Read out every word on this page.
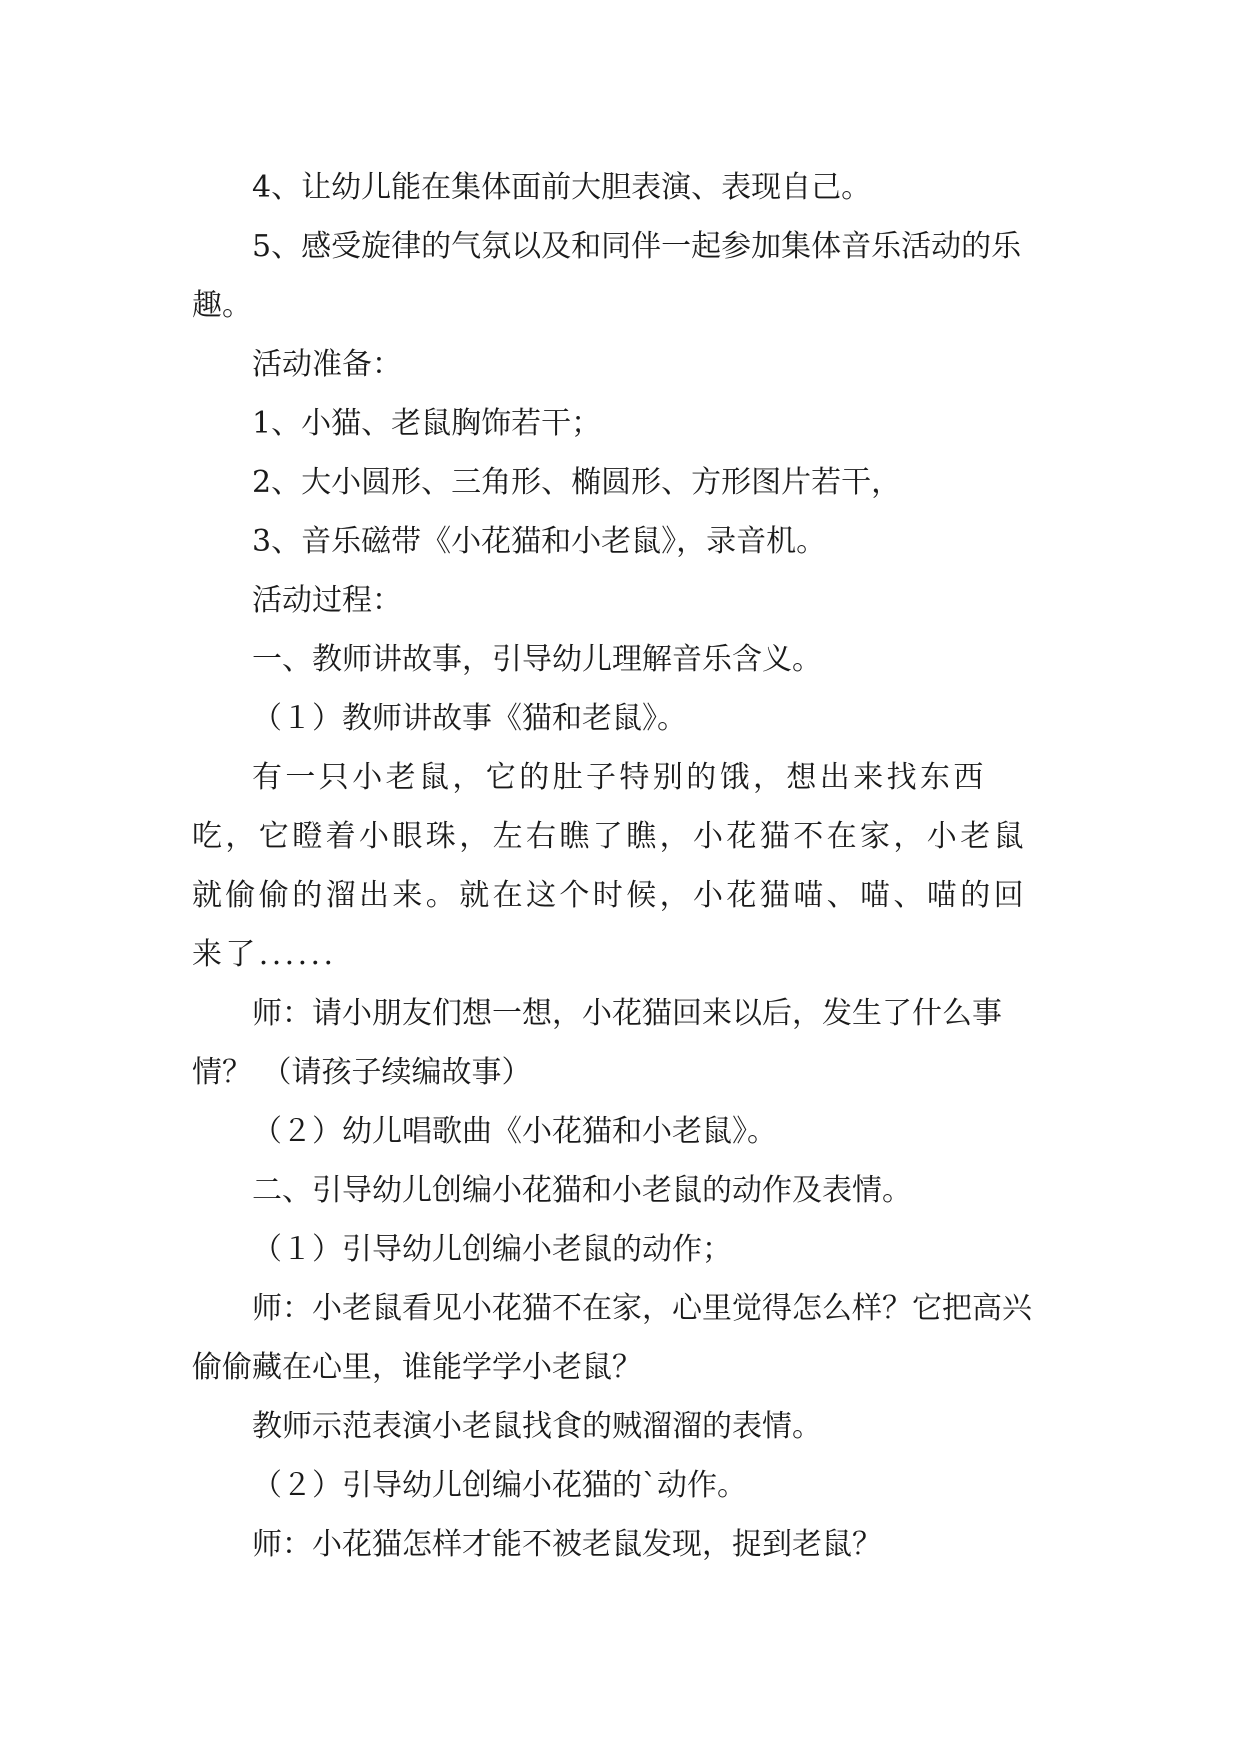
4、让幼儿能在集体面前大胆表演、表现自己。

5、感受旋律的气氛以及和同伴一起参加集体音乐活动的乐趣。

活动准备：

1、小猫、老鼠胸饰若干；

2、大小圆形、三角形、椭圆形、方形图片若干，

3、音乐磁带《小花猫和小老鼠》，录音机。

活动过程：

一、教师讲故事，引导幼儿理解音乐含义。

（１）教师讲故事《猫和老鼠》。

有一只小老鼠，它的肚子特别的饿，想出来找东西吃，它瞪着小眼珠，左右瞧了瞧，小花猫不在家，小老鼠就偷偷的溜出来。就在这个时候，小花猫喵、喵、喵的回来了......

师：请小朋友们想一想，小花猫回来以后，发生了什么事情？ （请孩子续编故事）

（２）幼儿唱歌曲《小花猫和小老鼠》。

二、引导幼儿创编小花猫和小老鼠的动作及表情。

（１）引导幼儿创编小老鼠的动作；

师：小老鼠看见小花猫不在家，心里觉得怎么样？它把高兴偷偷藏在心里，谁能学学小老鼠？

教师示范表演小老鼠找食的贼溜溜的表情。

（２）引导幼儿创编小花猫的`动作。

师：小花猫怎样才能不被老鼠发现，捉到老鼠？
